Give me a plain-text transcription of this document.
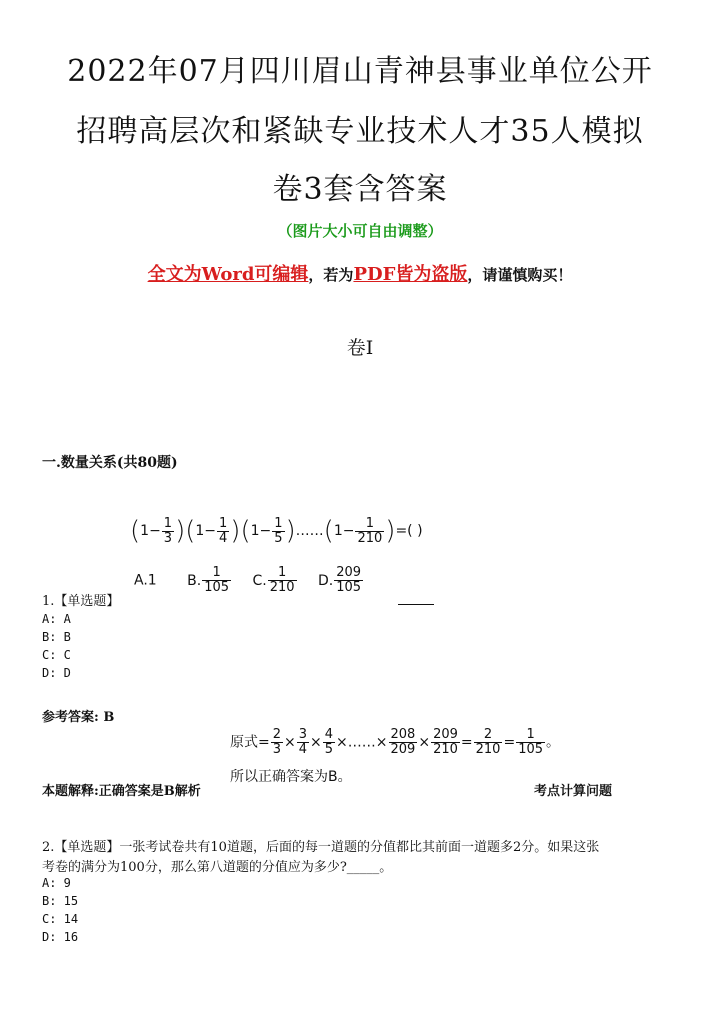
2022年07月四川眉山青神县事业单位公开
招聘高层次和紧缺专业技术人才35人模拟
卷3套含答案
（图片大小可自由调整）
全文为Word可编辑，若为PDF皆为盗版，请谨慎购买！
卷I
一.数量关系(共80题)
$(1- \frac{1}{3} )(1- \frac{1}{4} )(1- \frac{1}{5}$ )……(1− $\frac{1}{210}$ )=( )
A.1 B. $\frac{1}{105} C$. $\frac{1}{210} D$. $\frac{209}{105}$
1.【单选题】
A: A
B: B
C: C
D: D
参考答案: B
原式= $\frac{2}{3} \times \frac{3}{4} \times \frac{4}{5}$ ×……× $\frac{208}{209} \times \frac{209}{210} = \frac{2}{210} = \frac{1}{105}$ 。
所以正确答案为B。
本题解释:正确答案是B解析	考点计算问题
2.【单选题】一张考试卷共有10道题，后面的每一道题的分值都比其前面一道题多2分。如果这张
考卷的满分为100分，那么第八道题的分值应为多少?_____。
A: 9
B: 15
C: 14
D: 16
